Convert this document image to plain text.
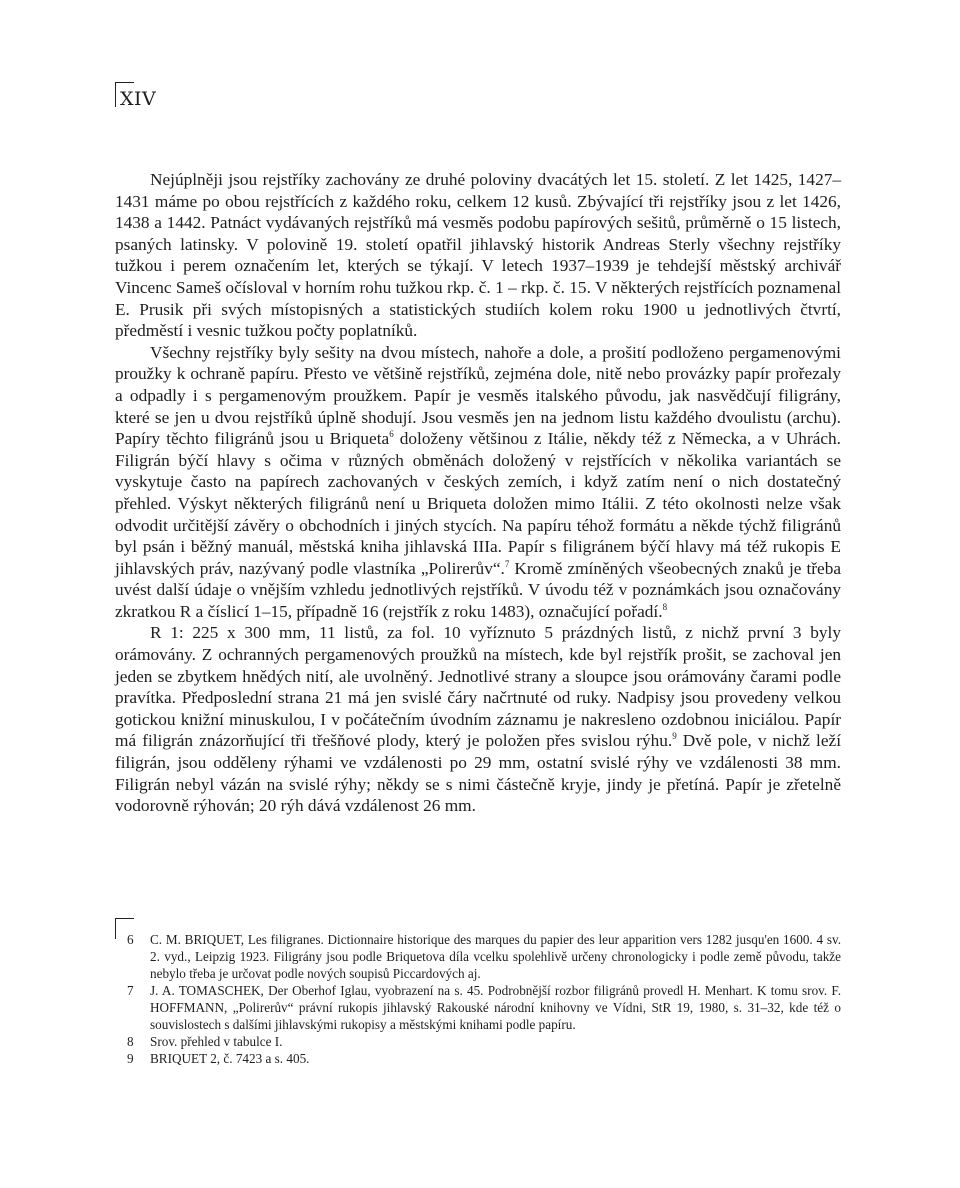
XIV

Nejúplněji jsou rejstříky zachovány ze druhé poloviny dvacátých let 15. století. Z let 1425, 1427–1431 máme po obou rejstřících z každého roku, celkem 12 kusů. Zbývající tři rejstříky jsou z let 1426, 1438 a 1442. Patnáct vydávaných rejstříků má vesměs podobu papírových sešitů, průměrně o 15 listech, psaných latinsky. V polovině 19. století opatřil jihlavský historik Andreas Sterly všechny rejstříky tužkou i perem označením let, kterých se týkají. V letech 1937–1939 je tehdejší městský archivář Vincenc Sameš očísloval v horním rohu tužkou rkp. č. 1 – rkp. č. 15. V některých rejstřících poznamenal E. Prusik při svých místopisných a statistických studiích kolem roku 1900 u jednotlivých čtvrtí, předměstí i vesnic tužkou počty poplatníků.

Všechny rejstříky byly sešity na dvou místech, nahoře a dole, a prošití podloženo pergamenovými proužky k ochraně papíru. Přesto ve většině rejstříků, zejména dole, nitě nebo provázky papír prořezaly a odpadly i s pergamenovým proužkem. Papír je vesměs italského původu, jak nasvědčují filigrány, které se jen u dvou rejstříků úplně shodují. Jsou vesměs jen na jednom listu každého dvoulistu (archu). Papíry těchto filigránů jsou u Briqueta$^6$ doloženy většinou z Itálie, někdy též z Německa, a v Uhrách. Filigrán býčí hlavy s očima v různých obměnách doložený v rejstřících v několika variantách se vyskytuje často na papírech zachovaných v českých zemích, i když zatím není o nich dostatečný přehled. Výskyt některých filigránů není u Briqueta doložen mimo Itálii. Z této okolnosti nelze však odvodit určitější závěry o obchodních i jiných stycích. Na papíru téhož formátu a někde týchž filigránů byl psán i běžný manuál, městská kniha jihlavská IIIa. Papír s filigránem býčí hlavy má též rukopis E jihlavských práv, nazývaný podle vlastníka „Polirerův“.$^7$ Kromě zmíněných všeobecných znaků je třeba uvést další údaje o vnějším vzhledu jednotlivých rejstříků. V úvodu též v poznámkách jsou označovány zkratkou R a číslicí 1–15, případně 16 (rejstřík z roku 1483), označující pořadí.$^8$

R 1: 225 x 300 mm, 11 listů, za fol. 10 vyříznuto 5 prázdných listů, z nichž první 3 byly orámovány. Z ochranných pergamenových proužků na místech, kde byl rejstřík prošit, se zachoval jen jeden se zbytkem hnědých nití, ale uvolněný. Jednotlivé strany a sloupce jsou orámovány čarami podle pravítka. Předposlední strana 21 má jen svislé čáry načrtnuté od ruky. Nadpisy jsou provedeny velkou gotickou knižní minuskulou, I v počátečním úvodním záznamu je nakresleno ozdobnou iniciálou. Papír má filigrán znázorňující tři třešňové plody, který je položen přes svislou rýhu.$^9$ Dvě pole, v nichž leží filigrán, jsou odděleny rýhami ve vzdálenosti po 29 mm, ostatní svislé rýhy ve vzdálenosti 38 mm. Filigrán nebyl vázán na svislé rýhy; někdy se s nimi částečně kryje, jindy je přetíná. Papír je zřetelně vodorovně rýhován; 20 rýh dává vzdálenost 26 mm.

6	C. M. BRIQUET, Les filigranes. Dictionnaire historique des marques du papier des leur apparition vers 1282 jusqu'en 1600. 4 sv. 2. vyd., Leipzig 1923. Filigrány jsou podle Briquetova díla vcelku spolehlivě určeny chronologicky i podle země původu, takže nebylo třeba je určovat podle nových soupisů Piccardových aj.
7	J. A. TOMASCHEK, Der Oberhof Iglau, vyobrazení na s. 45. Podrobnější rozbor filigránů provedl H. Menhart. K tomu srov. F. HOFFMANN, „Polirerův“ právní rukopis jihlavský Rakouské národní knihovny ve Vídni, StR 19, 1980, s. 31–32, kde též o souvislostech s dalšími jihlavskými rukopisy a městskými knihami podle papíru.
8	Srov. přehled v tabulce I.
9	BRIQUET 2, č. 7423 a s. 405.
